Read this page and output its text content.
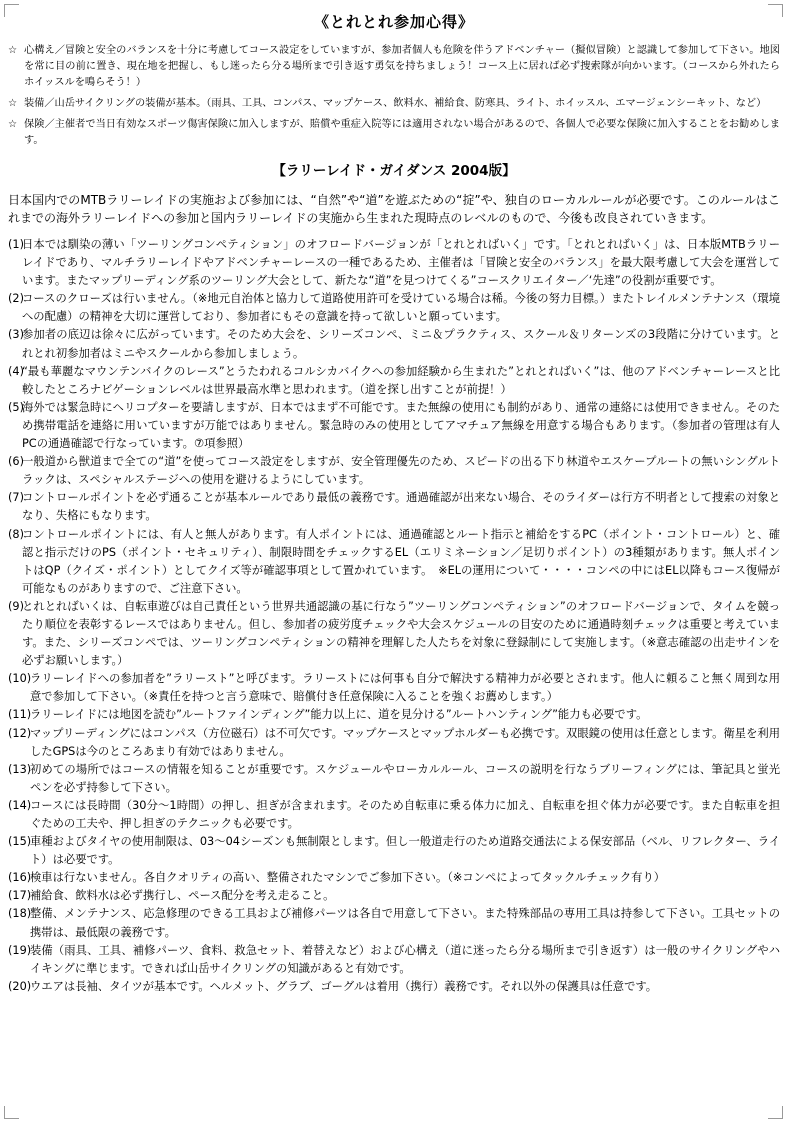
《とれとれ参加心得》
☆ 心構え／冒険と安全のバランスを十分に考慮してコース設定をしていますが、参加者個人も危険を伴うアドベンチャー（擬似冒険）と認識して参加して下さい。地図を常に目の前に置き、現在地を把握し、もし迷ったら分る場所まで引き返す勇気を持ちましょう！コース上に居れば必ず捜索隊が向かいます。（コースから外れたらホイッスルを鳴らそう！）
☆ 装備／山岳サイクリングの装備が基本。（雨具、工具、コンパス、マップケース、飲料水、補給食、防寒具、ライト、ホイッスル、エマージェンシーキット、など）
☆ 保険／主催者で当日有効なスポーツ傷害保険に加入しますが、賠償や重症入院等には適用されない場合があるので、各個人で必要な保険に加入することをお勧めします。
【ラリーレイド・ガイダンス 2004版】

日本国内でのMTBラリーレイドの実施および参加には、“自然”や“道”を遊ぶための“掟”や、独自のローカルルールが必要です。このルールはこれまでの海外ラリーレイドへの参加と国内ラリーレイドの実施から生まれた現時点のレベルのもので、今後も改良されていきます。

(1)
日本では馴染の薄い「ツーリングコンペティション」のオフロードバージョンが「とれとればいく」です。「とれとればいく」は、日本版MTBラリーレイドであり、マルチラリーレイドやアドベンチャーレースの一種であるため、主催者は「冒険と安全のバランス」を最大限考慮して大会を運営しています。またマップリーディング系のツーリング大会として、新たな“道”を見つけてくる”コースクリエイター／‘先達”の役割が重要です。
(2)
コースのクローズは行いません。（※地元自治体と協力して道路使用許可を受けている場合は稀。今後の努力目標。）またトレイルメンテナンス（環境への配慮）の精神を大切に運営しており、参加者にもその意識を持って欲しいと願っています。
(3)
参加者の底辺は徐々に広がっています。そのため大会を、シリーズコンペ、ミニ＆プラクティス、スクール＆リターンズの3段階に分けています。とれとれ初参加者はミニやスクールから参加しましょう。
(4)
“最も華麗なマウンテンバイクのレース”とうたわれるコルシカバイクへの参加経験から生まれた”とれとればいく”は、他のアドベンチャーレースと比較したところナビゲーションレベルは世界最高水準と思われます。（道を探し出すことが前提！）
(5)
海外では緊急時にヘリコプターを要請しますが、日本ではまず不可能です。また無線の使用にも制約があり、通常の連絡には使用できません。そのため携帯電話を連絡に用いていますが万能ではありません。緊急時のみの使用としてアマチュア無線を用意する場合もあります。（参加者の管理は有人PCの通過確認で行なっています。⑦項参照）
(6)
一般道から獣道まで全ての“道”を使ってコース設定をしますが、安全管理優先のため、スピードの出る下り林道やエスケープルートの無いシングルトラックは、スペシャルステージへの使用を避けるようにしています。
(7)
コントロールポイントを必ず通ることが基本ルールであり最低の義務です。通過確認が出来ない場合、そのライダーは行方不明者として捜索の対象となり、失格にもなります。
(8)
コントロールポイントには、有人と無人があります。有人ポイントには、通過確認とルート指示と補給をするPC（ポイント・コントロール）と、確認と指示だけのPS（ポイント・セキュリティ）、制限時間をチェックするEL（エリミネーション／足切りポイント）の3種類があります。無人ポイントはQP（クイズ・ポイント）としてクイズ等が確認事項として置かれています。　※ELの運用について・・・・コンペの中にはEL以降もコース復帰が可能なものがありますので、ご注意下さい。
(9)
とれとればいくは、自転車遊びは自己責任という世界共通認識の基に行なう”ツーリングコンペティション”のオフロードバージョンで、タイムを競ったり順位を表彰するレースではありません。但し、参加者の疲労度チェックや大会スケジュールの目安のために通過時刻チェックは重要と考えています。また、シリーズコンペでは、ツーリングコンペティションの精神を理解した人たちを対象に登録制にして実施します。（※意志確認の出走サインを必ずお願いします。）
(10)
ラリーレイドへの参加者を”ラリースト”と呼びます。ラリーストには何事も自分で解決する精神力が必要とされます。他人に頼ること無く周到な用意で参加して下さい。（※責任を持つと言う意味で、賠償付き任意保険に入ることを強くお薦めします。）
(11)
ラリーレイドには地図を読む”ルートファインディング”能力以上に、道を見分ける”ルートハンティング”能力も必要です。
(12)
マップリーディングにはコンパス（方位磁石）は不可欠です。マップケースとマップホルダーも必携です。双眼鏡の使用は任意とします。衛星を利用したGPSは今のところあまり有効ではありません。
(13)
初めての場所ではコースの情報を知ることが重要です。スケジュールやローカルルール、コースの説明を行なうブリーフィングには、筆記具と蛍光ペンを必ず持参して下さい。
(14)
コースには長時間（30分～1時間）の押し、担ぎが含まれます。そのため自転車に乗る体力に加え、自転車を担ぐ体力が必要です。また自転車を担ぐための工夫や、押し担ぎのテクニックも必要です。
(15)
車種およびタイヤの使用制限は、03～04シーズンも無制限とします。但し一般道走行のため道路交通法による保安部品（ベル、リフレクター、ライト）は必要です。
(16)
検車は行ないません。各自クオリティの高い、整備されたマシンでご参加下さい。（※コンペによってタックルチェック有り）
(17)
補給食、飲料水は必ず携行し、ペース配分を考え走ること。
(18)
整備、メンテナンス、応急修理のできる工具および補修パーツは各自で用意して下さい。また特殊部品の専用工具は持参して下さい。工具セットの携帯は、最低限の義務です。
(19)
装備（雨具、工具、補修パーツ、食料、救急セット、着替えなど）および心構え（道に迷ったら分る場所まで引き返す）は一般のサイクリングやハイキングに準じます。できれば山岳サイクリングの知識があると有効です。
(20)
ウエアは長袖、タイツが基本です。ヘルメット、グラブ、ゴーグルは着用（携行）義務です。それ以外の保護具は任意です。
